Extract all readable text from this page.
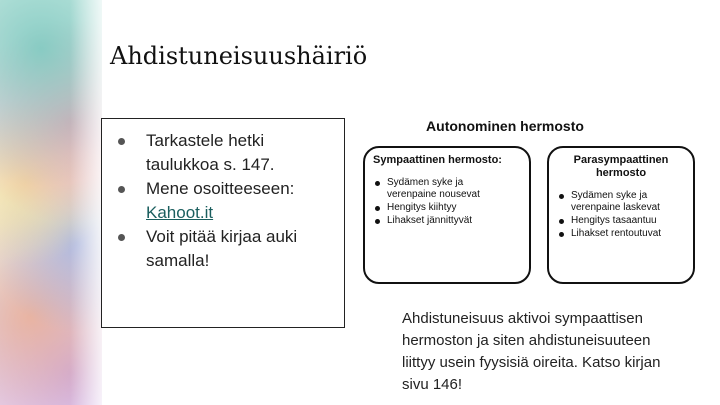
Ahdistuneisuushäiriö
Tarkastele hetki
taulukkoa s. 147.
Mene osoitteeseen:
Kahoot.it
Voit pitää kirjaa auki
samalla!
Autonominen hermosto
Sympaattinen hermosto:
Sydämen syke ja
verenpaine nousevat
Hengitys kiihtyy
Lihakset jännittyvät
Parasympaattinen
hermosto
Sydämen syke ja
verenpaine laskevat
Hengitys tasaantuu
Lihakset rentoutuvat

Ahdistuneisuus aktivoi sympaattisen
hermoston ja siten ahdistuneisuuteen
liittyy usein fyysisiä oireita. Katso kirjan
sivu 146!
